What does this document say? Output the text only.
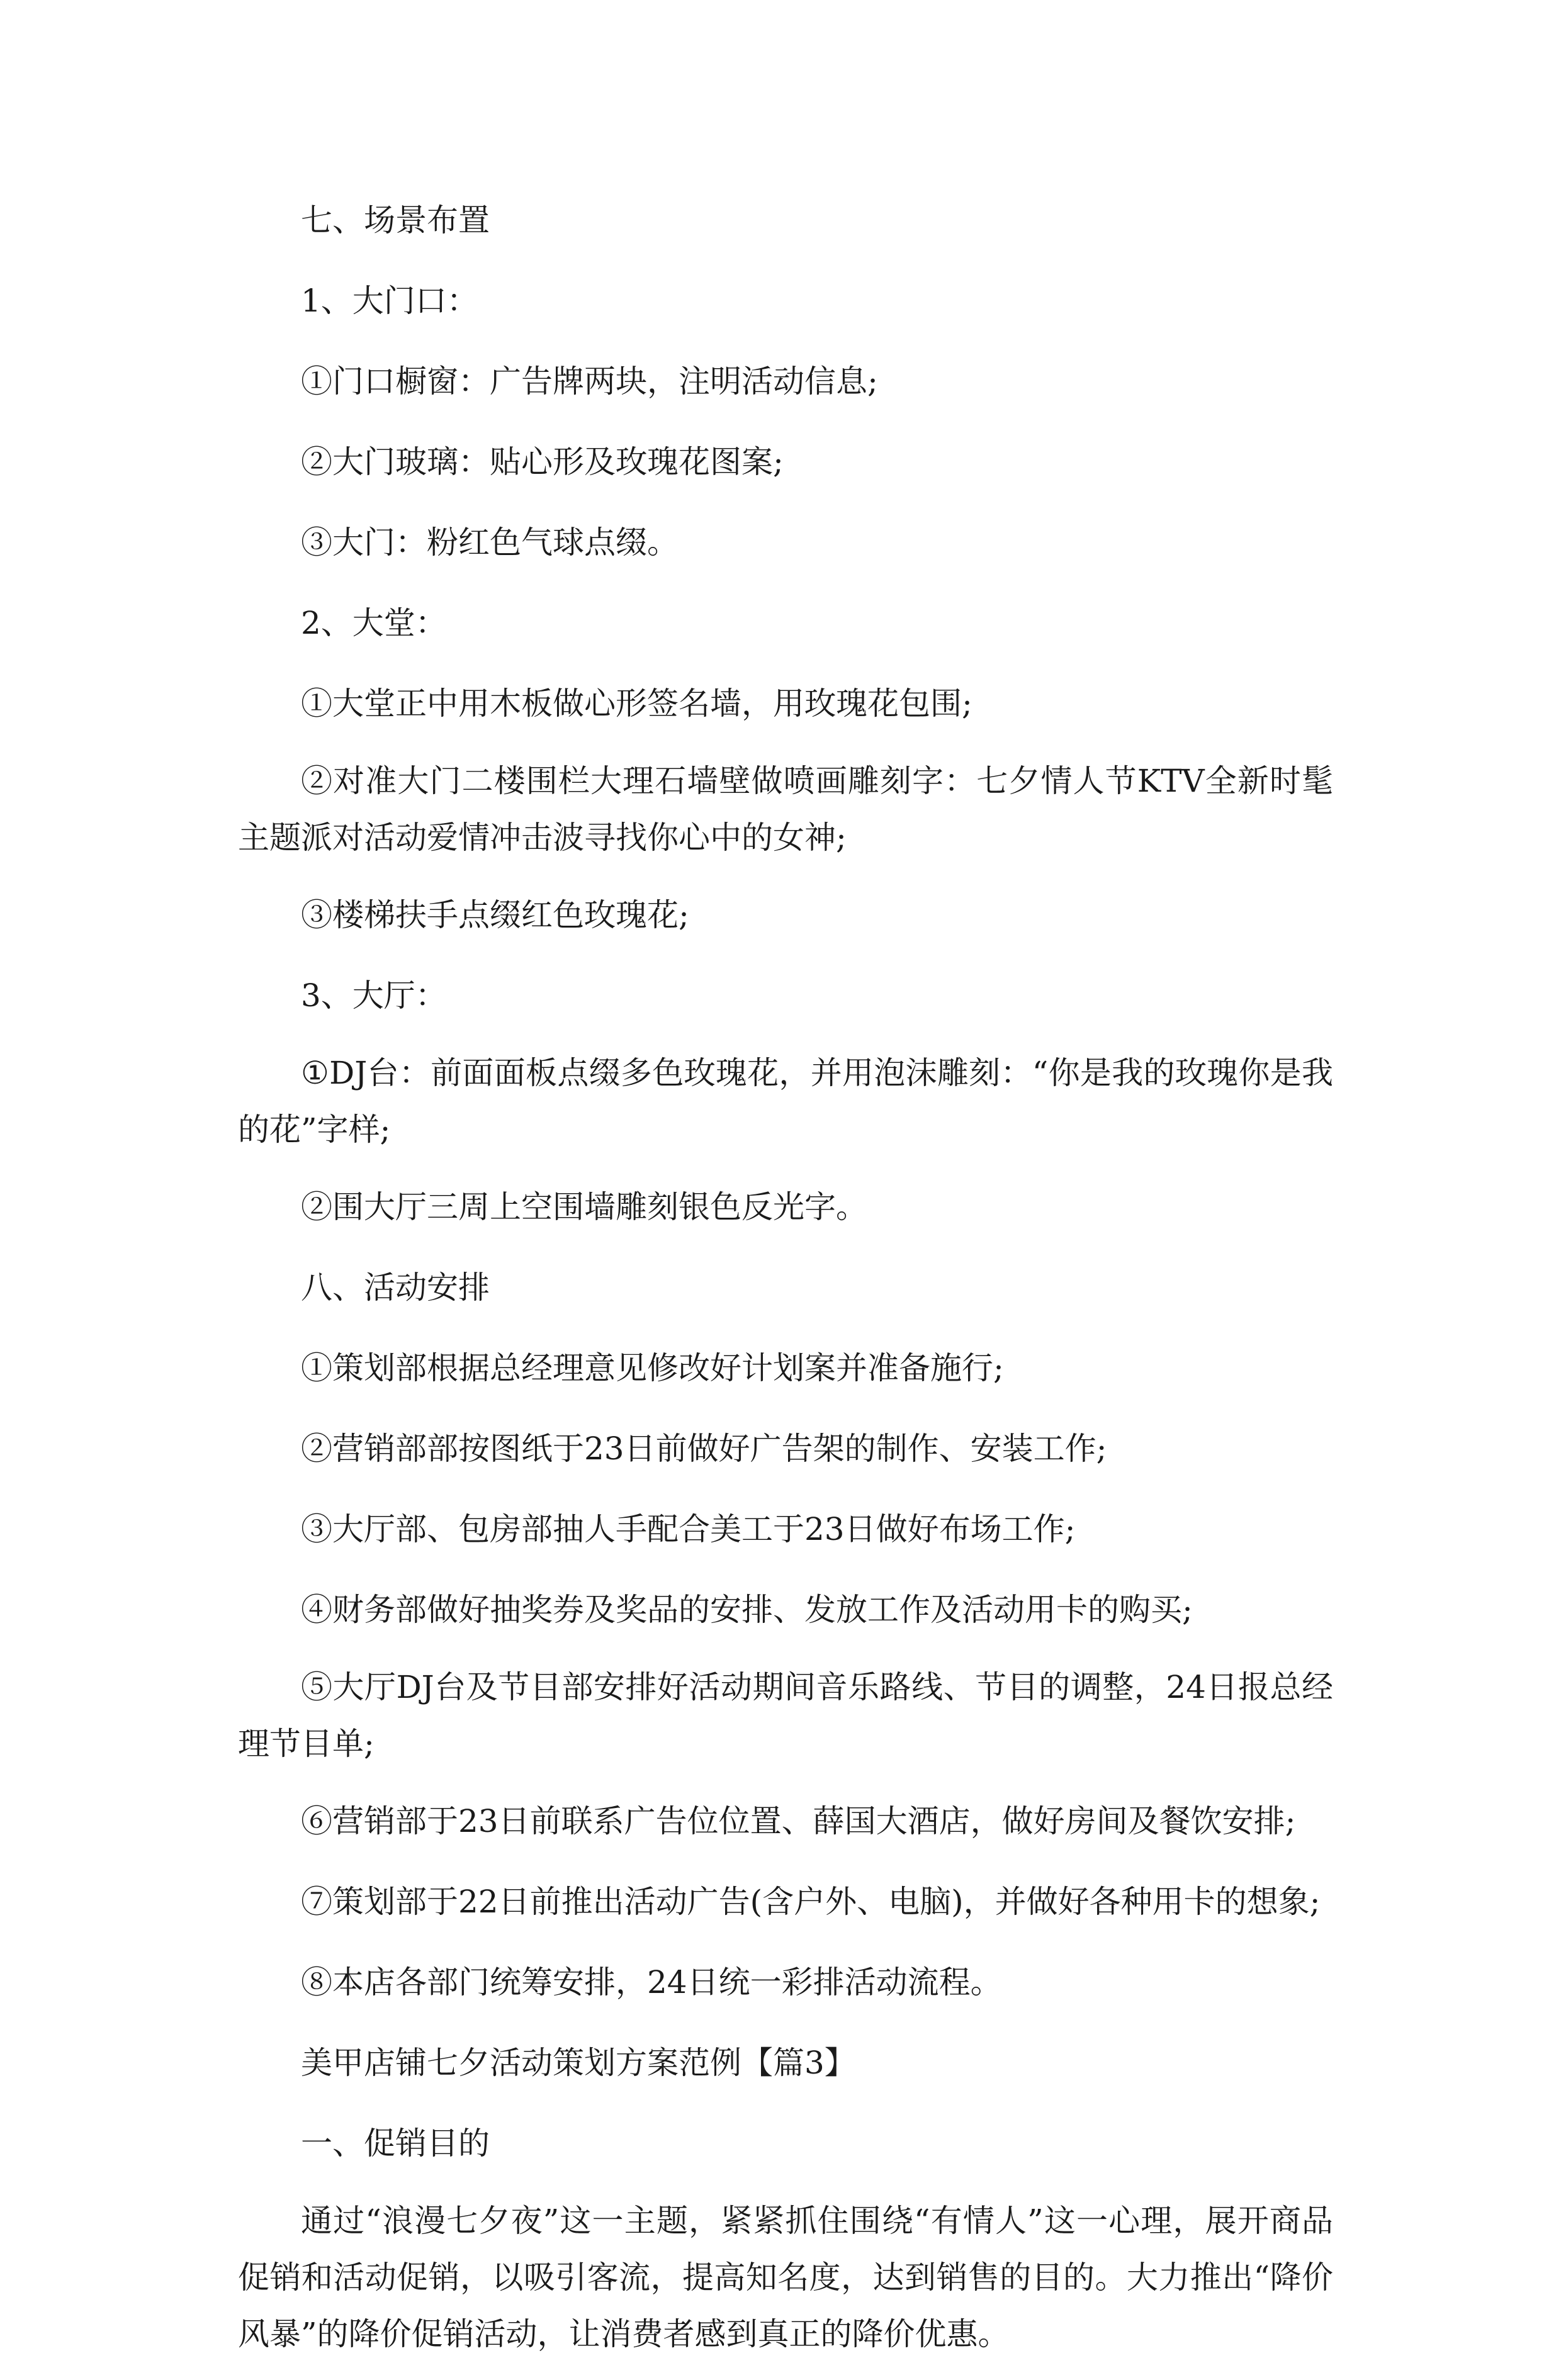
七、场景布置

1、大门口：

①门口橱窗：广告牌两块，注明活动信息;

②大门玻璃：贴心形及玫瑰花图案;

③大门：粉红色气球点缀。

2、大堂：

①大堂正中用木板做心形签名墙，用玫瑰花包围;

②对准大门二楼围栏大理石墙壁做喷画雕刻字：七夕情人节KTV全新时髦主题派对活动爱情冲击波寻找你心中的女神;

③楼梯扶手点缀红色玫瑰花;

3、大厅：

①DJ台：前面面板点缀多色玫瑰花，并用泡沫雕刻：“你是我的玫瑰你是我的花”字样;

②围大厅三周上空围墙雕刻银色反光字。

八、活动安排

①策划部根据总经理意见修改好计划案并准备施行;

②营销部部按图纸于23日前做好广告架的制作、安装工作;

③大厅部、包房部抽人手配合美工于23日做好布场工作;

④财务部做好抽奖券及奖品的安排、发放工作及活动用卡的购买;

⑤大厅DJ台及节目部安排好活动期间音乐路线、节目的调整，24日报总经理节目单;

⑥营销部于23日前联系广告位位置、薛国大酒店，做好房间及餐饮安排;

⑦策划部于22日前推出活动广告(含户外、电脑)，并做好各种用卡的想象;

⑧本店各部门统筹安排，24日统一彩排活动流程。

美甲店铺七夕活动策划方案范例【篇3】

一、促销目的

通过“浪漫七夕夜”这一主题，紧紧抓住围绕“有情人”这一心理，展开商品促销和活动促销，以吸引客流，提高知名度，达到销售的目的。大力推出“降价风暴”的降价促销活动，让消费者感到真正的降价优惠。
